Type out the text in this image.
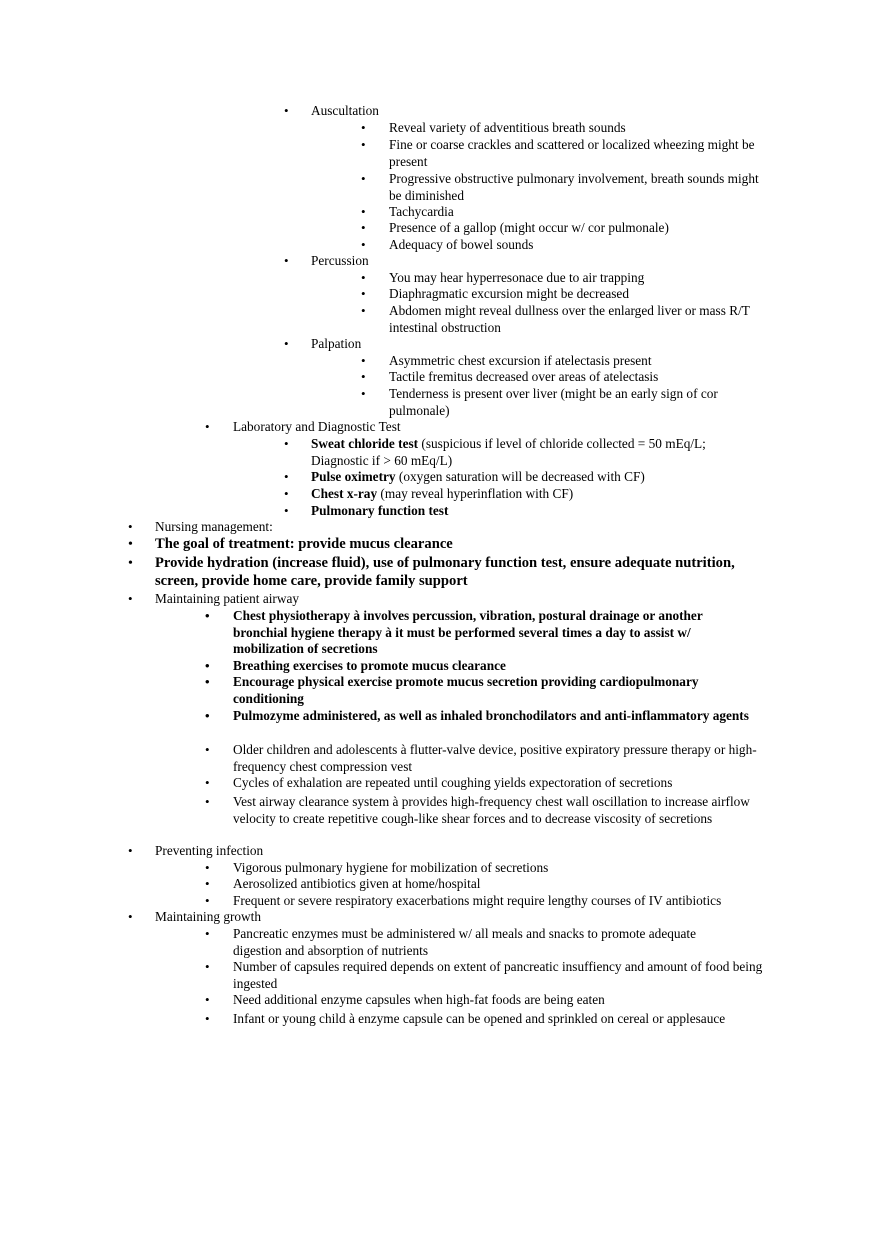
• Auscultation
• Reveal variety of adventitious breath sounds
• Fine or coarse crackles and scattered or localized wheezing might be present
• Progressive obstructive pulmonary involvement, breath sounds might be diminished
• Tachycardia
• Presence of a gallop (might occur w/ cor pulmonale)
• Adequacy of bowel sounds
• Percussion
• You may hear hyperresonace due to air trapping
• Diaphragmatic excursion might be decreased
• Abdomen might reveal dullness over the enlarged liver or mass R/T intestinal obstruction
• Palpation
• Asymmetric chest excursion if atelectasis present
• Tactile fremitus decreased over areas of atelectasis
• Tenderness is present over liver (might be an early sign of cor pulmonale)
• Laboratory and Diagnostic Test
• Sweat chloride test (suspicious if level of chloride collected = 50 mEq/L; Diagnostic if > 60 mEq/L)
• Pulse oximetry (oxygen saturation will be decreased with CF)
• Chest x-ray (may reveal hyperinflation with CF)
• Pulmonary function test
• Nursing management:
• The goal of treatment: provide mucus clearance
• Provide hydration (increase fluid), use of pulmonary function test, ensure adequate nutrition, screen, provide home care, provide family support
• Maintaining patient airway
• Chest physiotherapy à involves percussion, vibration, postural drainage or another bronchial hygiene therapy à it must be performed several times a day to assist w/ mobilization of secretions
• Breathing exercises to promote mucus clearance
• Encourage physical exercise promote mucus secretion providing cardiopulmonary conditioning
• Pulmozyme administered, as well as inhaled bronchodilators and anti-inflammatory agents
• Older children and adolescents à flutter-valve device, positive expiratory pressure therapy or high-frequency chest compression vest
• Cycles of exhalation are repeated until coughing yields expectoration of secretions
• Vest airway clearance system à provides high-frequency chest wall oscillation to increase airflow velocity to create repetitive cough-like shear forces and to decrease viscosity of secretions
• Preventing infection
• Vigorous pulmonary hygiene for mobilization of secretions
• Aerosolized antibiotics given at home/hospital
• Frequent or severe respiratory exacerbations might require lengthy courses of IV antibiotics
• Maintaining growth
• Pancreatic enzymes must be administered w/ all meals and snacks to promote adequate digestion and absorption of nutrients
• Number of capsules required depends on extent of pancreatic insuffiency and amount of food being ingested
• Need additional enzyme capsules when high-fat foods are being eaten
• Infant or young child à enzyme capsule can be opened and sprinkled on cereal or applesauce
